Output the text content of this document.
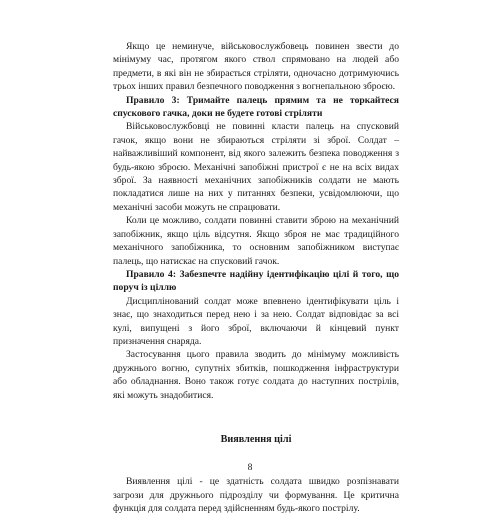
Якщо це неминуче, військовослужбовець повинен звести до мінімуму час, протягом якого ствол спрямовано на людей або предмети, в які він не збирається стріляти, одночасно дотримуючись трьох інших правил безпечного поводження з вогнепальною зброєю.

Правило 3: Тримайте палець прямим та не торкайтеся спускового гачка, доки не будете готові стріляти

Військовослужбовці не повинні класти палець на спусковий гачок, якщо вони не збираються стріляти зі зброї. Солдат – найважливіший компонент, від якого залежить безпека поводження з будь-якою зброєю. Механічні запобіжні пристрої є не на всіх видах зброї. За наявності механічних запобіжників солдати не мають покладатися лише на них у питаннях безпеки, усвідомлюючи, що механічні засоби можуть не спрацювати.

Коли це можливо, солдати повинні ставити зброю на механічний запобіжник, якщо ціль відсутня. Якщо зброя не має традиційного механічного запобіжника, то основним запобіжником виступає палець, що натискає на спусковий гачок.

Правило 4: Забезпечте надійну ідентифікацію цілі й того, що поруч із ціллю

Дисциплінований солдат може впевнено ідентифікувати ціль і знає, що знаходиться перед нею і за нею. Солдат відповідає за всі кулі, випущені з його зброї, включаючи й кінцевий пункт призначення снаряда.

Застосування цього правила зводить до мінімуму можливість дружнього вогню, супутніх збитків, пошкодження інфраструктури або обладнання. Воно також готує солдата до наступних пострілів, які можуть знадобитися.

Виявлення цілі

Виявлення цілі - це здатність солдата швидко розпізнавати загрози для дружнього підрозділу чи формування. Це критична функція для солдата перед здійсненням будь-якого пострілу.

8
